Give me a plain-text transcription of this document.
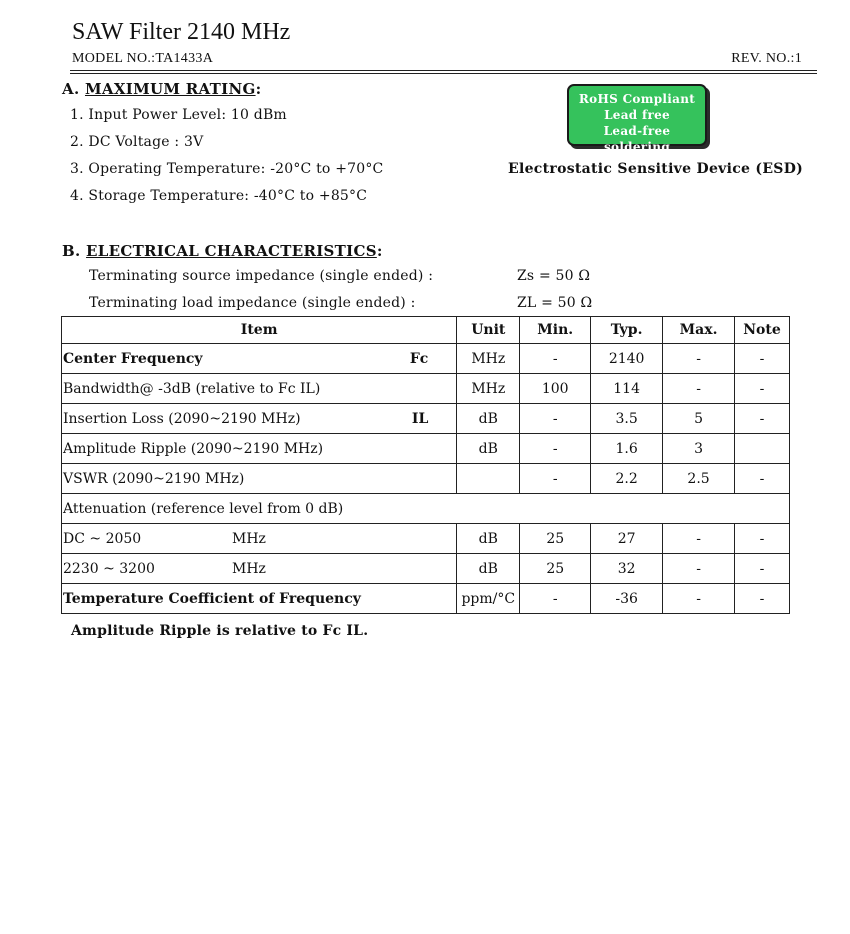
SAW Filter 2140 MHz
MODEL NO.:TA1433A	REV. NO.:1
A. MAXIMUM RATING:
1. Input Power Level: 10 dBm
2. DC Voltage : 3V
3. Operating Temperature: -20°C to +70°C
4. Storage Temperature: -40°C to +85°C
RoHS Compliant
Lead free
Lead-free soldering
Electrostatic Sensitive Device (ESD)
B. ELECTRICAL CHARACTERISTICS:
Terminating source impedance (single ended) :	Zs = 50 Ω
Terminating load impedance (single ended) :	ZL = 50 Ω
Item	Unit	Min.	Typ.	Max.	Note
Center Frequency Fc	MHz	-	2140	-	-
Bandwidth@ -3dB (relative to Fc IL)	MHz	100	114	-	-
Insertion Loss (2090~2190 MHz) IL	dB	-	3.5	5	-
Amplitude Ripple (2090~2190 MHz)	dB	-	1.6	3	
VSWR (2090~2190 MHz)		-	2.2	2.5	-
Attenuation (reference level from 0 dB)					
DC ~ 2050 MHz	dB	25	27	-	-
2230 ~ 3200 MHz	dB	25	32	-	-
Temperature Coefficient of Frequency	ppm/°C	-	-36	-	-
Amplitude Ripple is relative to Fc IL.
